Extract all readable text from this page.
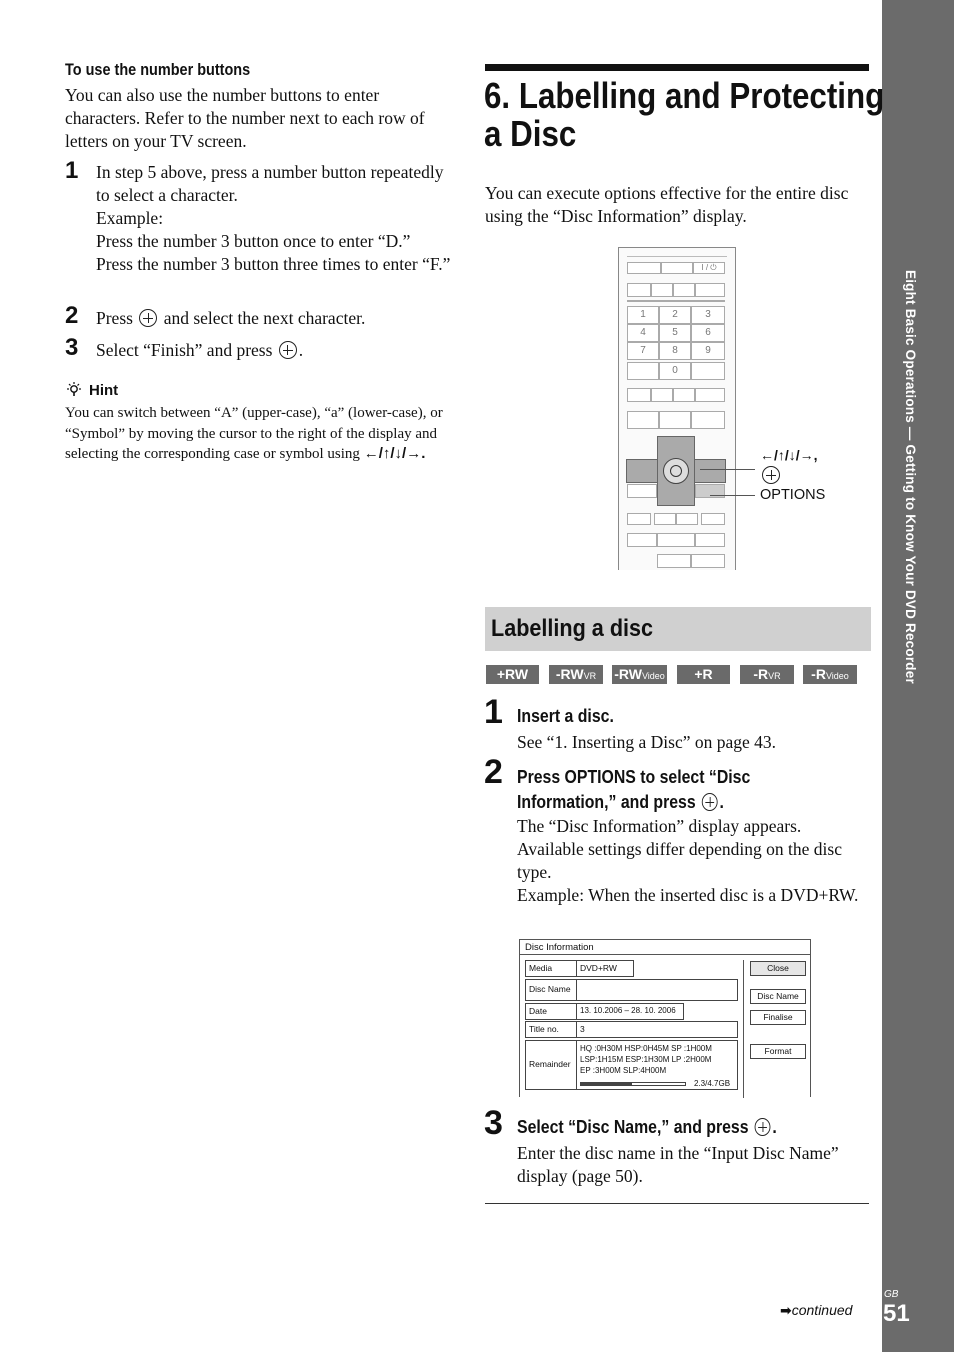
Eight Basic Operations — Getting to Know Your DVD Recorder
To use the number buttons
You can also use the number buttons to enter characters. Refer to the number next to each row of letters on your TV screen.
1 In step 5 above, press a number button repeatedly to select a character.
Example:
Press the number 3 button once to enter “D.”
Press the number 3 button three times to enter “F.”
2 Press and select the next character.
3 Select “Finish” and press .
Hint
You can switch between “A” (upper-case), “a” (lower-case), or “Symbol” by moving the cursor to the right of the display and selecting the corresponding case or symbol using ←/↑/↓/→.
6. Labelling and Protecting
a Disc
You can execute options effective for the entire disc using the “Disc Information” display.
I / ⏻
1	2	3
4	5	6
7	8	9
0
←/↑/↓/→,
OPTIONS
Labelling a disc
+RW	-RWVR	-RWVideo	+R	-RVR	-RVideo
1 Insert a disc.
See “1. Inserting a Disc” on page 43.
2 Press OPTIONS to select “Disc
Information,” and press .
The “Disc Information” display appears.
Available settings differ depending on the disc type.
Example: When the inserted disc is a DVD+RW.
Disc Information
Media	DVD+RW
Disc Name
Date	13. 10.2006 – 28. 10. 2006
Title no.	3
Remainder
HQ :0H30M HSP:0H45M SP :1H00M
LSP:1H15M ESP:1H30M LP :2H00M
EP :3H00M SLP:4H00M
2.3/4.7GB
Close
Disc Name
Finalise
Format
3 Select “Disc Name,” and press .
Enter the disc name in the “Input Disc Name” display (page 50).
➡continued
GB
51
